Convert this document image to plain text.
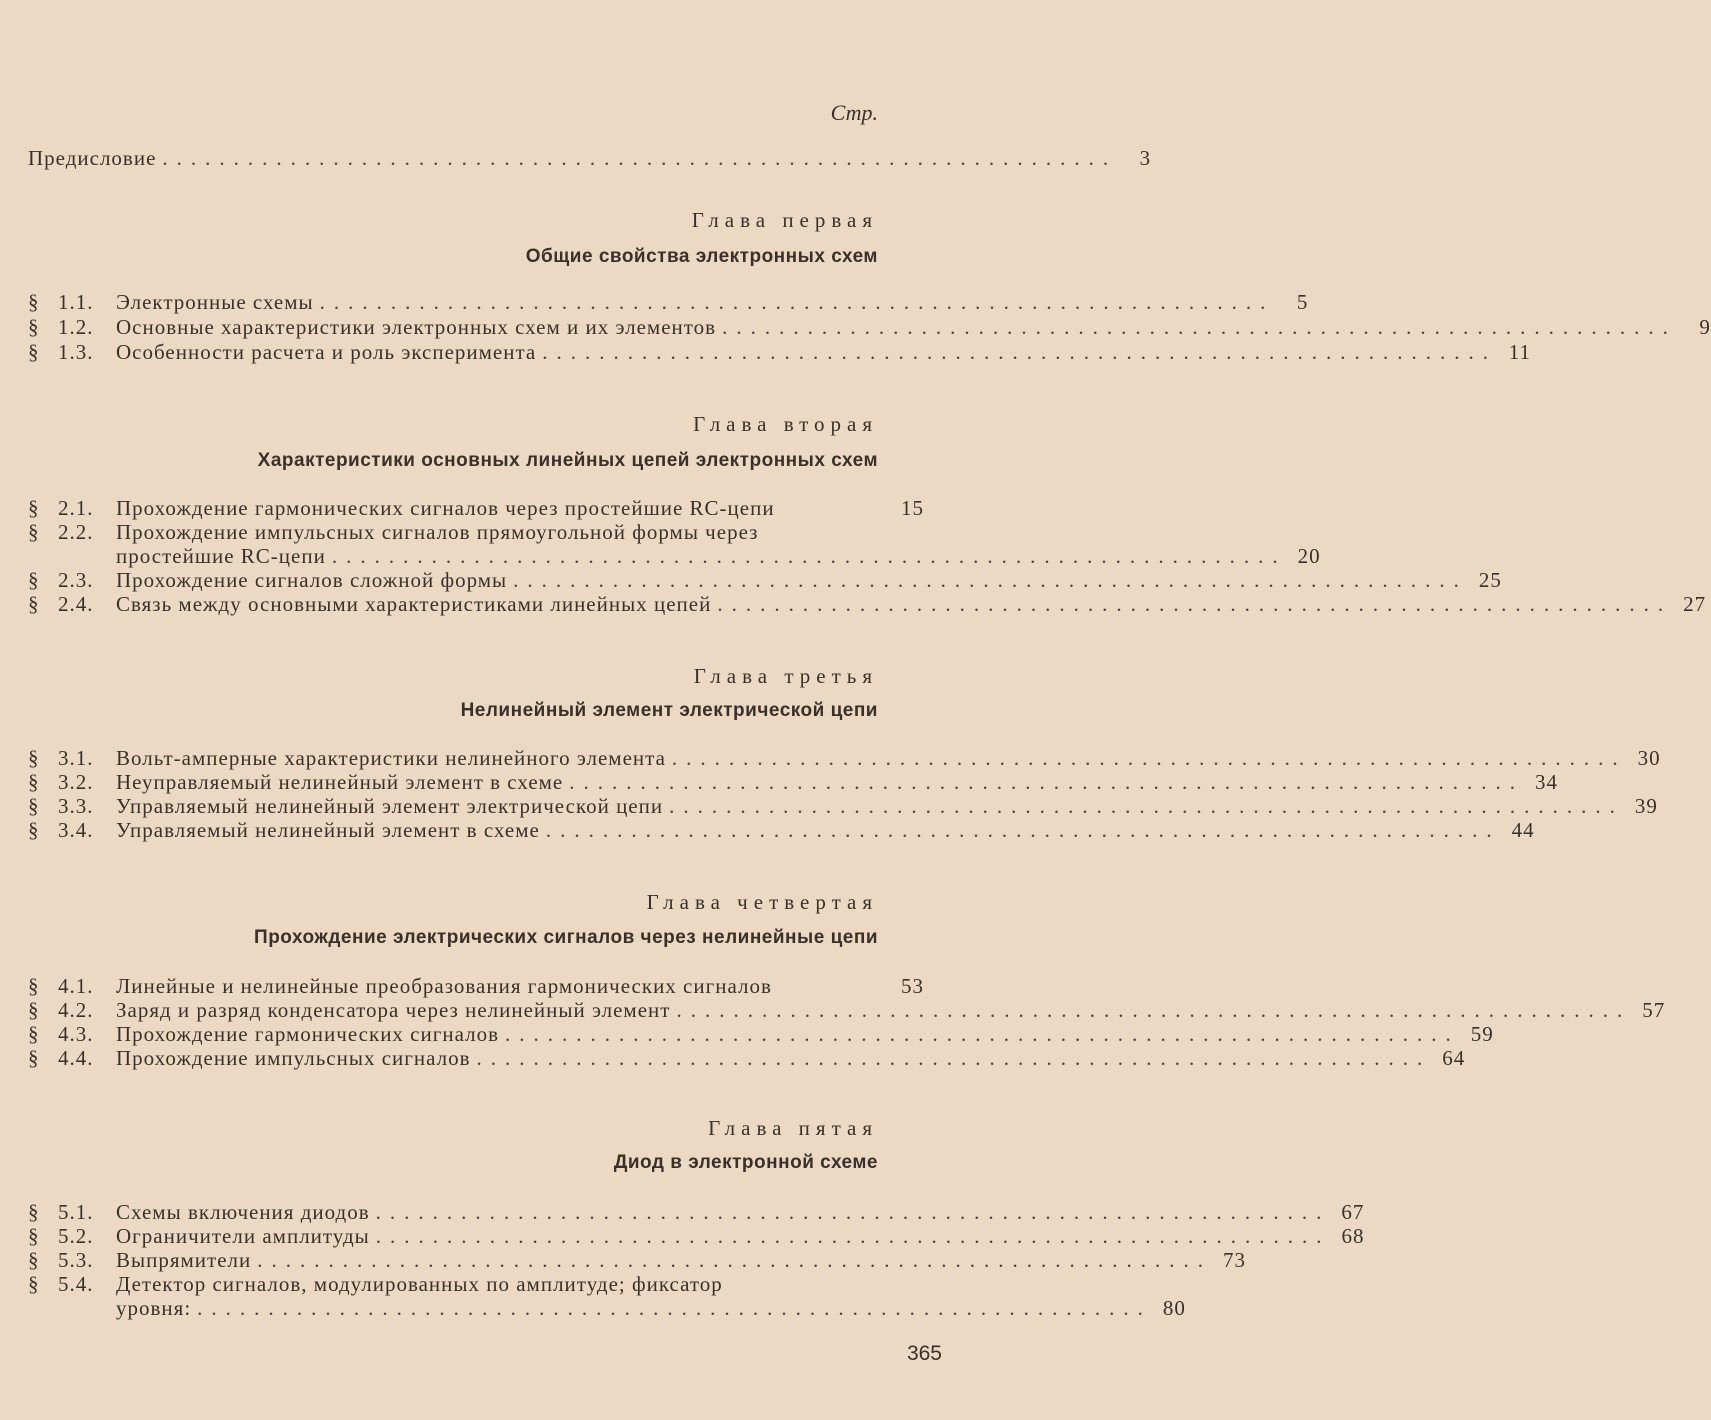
Стр.
Предисловие ...................................................................	3
Глава первая
Общие свойства электронных схем
§ 1.1.	Электронные схемы ...................................................................	5
§ 1.2.	Основные характеристики электронных схем и их элементов ...................................................................	9
§ 1.3.	Особенности расчета и роль эксперимента ................................................................... 11
Глава вторая
Характеристики основных линейных цепей электронных схем
§ 2.1.	Прохождение гармонических сигналов через простейшие RC-цепи	15
§ 2.2.	Прохождение импульсных сигналов прямоугольной формы через
простейшие RC-цепи ................................................................... 20
§ 2.3.	Прохождение сигналов сложной формы ................................................................... 25
§ 2.4.	Связь между основными характеристиками линейных цепей ................................................................... 27
Глава третья
Нелинейный элемент электрической цепи
§ 3.1.	Вольт-амперные характеристики нелинейного элемента ................................................................... 30
§ 3.2.	Неуправляемый нелинейный элемент в схеме ................................................................... 34
§ 3.3.	Управляемый нелинейный элемент электрической цепи ................................................................... 39
§ 3.4.	Управляемый нелинейный элемент в схеме ................................................................... 44
Глава четвертая
Прохождение электрических сигналов через нелинейные цепи
§ 4.1.	Линейные и нелинейные преобразования гармонических сигналов	53
§ 4.2.	Заряд и разряд конденсатора через нелинейный элемент ................................................................... 57
§ 4.3.	Прохождение гармонических сигналов ................................................................... 59
§ 4.4.	Прохождение импульсных сигналов ................................................................... 64
Глава пятая
Диод в электронной схеме
§ 5.1.	Схемы включения диодов ................................................................... 67
§ 5.2.	Ограничители амплитуды ................................................................... 68
§ 5.3.	Выпрямители ................................................................... 73
§ 5.4.	Детектор сигналов, модулированных по амплитуде; фиксатор
уровня: ................................................................... 80
365
